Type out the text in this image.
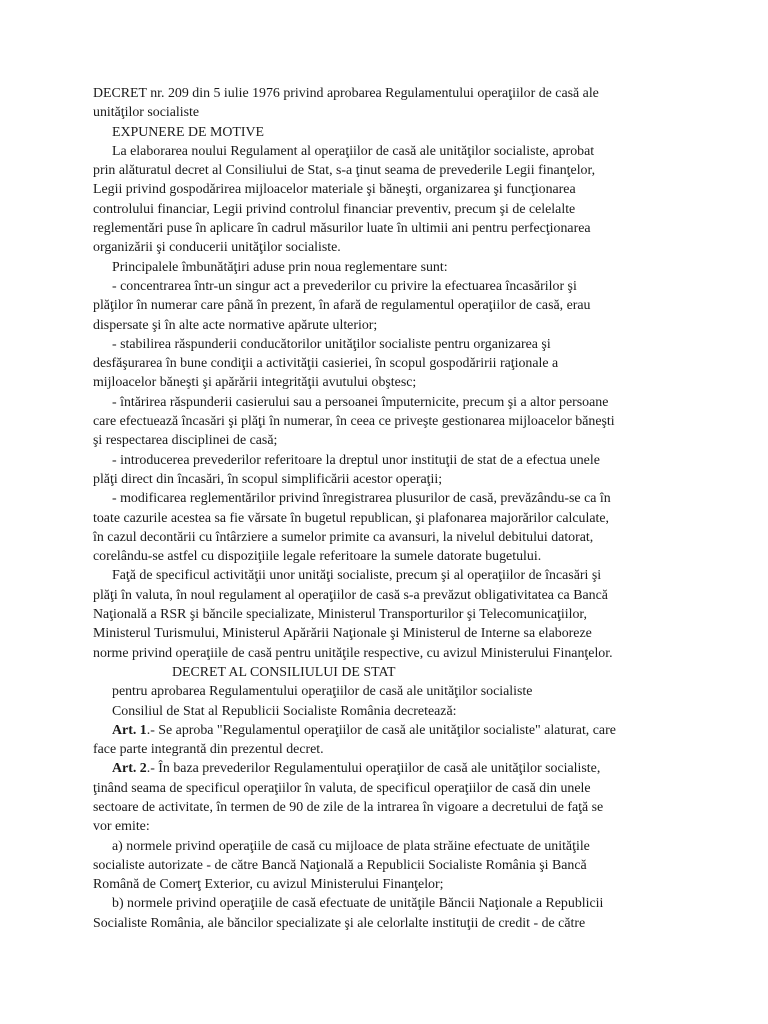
DECRET nr. 209 din 5 iulie 1976 privind aprobarea Regulamentului operaţiilor de casă ale
unităţilor socialiste

EXPUNERE DE MOTIVE

La elaborarea noului Regulament al operaţiilor de casă ale unităţilor socialiste, aprobat
prin alăturatul decret al Consiliului de Stat, s-a ţinut seama de prevederile Legii finanţelor,
Legii privind gospodărirea mijloacelor materiale şi băneşti, organizarea şi funcţionarea
controlului financiar, Legii privind controlul financiar preventiv, precum şi de celelalte
reglementări puse în aplicare în cadrul măsurilor luate în ultimii ani pentru perfecţionarea
organizării şi conducerii unităţilor socialiste.

Principalele îmbunătăţiri aduse prin noua reglementare sunt:

- concentrarea într-un singur act a prevederilor cu privire la efectuarea încasărilor şi
plăţilor în numerar care până în prezent, în afară de regulamentul operaţiilor de casă, erau
dispersate şi în alte acte normative apărute ulterior;

- stabilirea răspunderii conducătorilor unităţilor socialiste pentru organizarea şi
desfăşurarea în bune condiţii a activităţii casieriei, în scopul gospodăririi raţionale a
mijloacelor băneşti şi apărării integrităţii avutului obştesc;

- întărirea răspunderii casierului sau a persoanei împuternicite, precum şi a altor persoane
care efectuează încasări şi plăţi în numerar, în ceea ce priveşte gestionarea mijloacelor băneşti
şi respectarea disciplinei de casă;

- introducerea prevederilor referitoare la dreptul unor instituţii de stat de a efectua unele
plăţi direct din încasări, în scopul simplificării acestor operaţii;

- modificarea reglementărilor privind înregistrarea plusurilor de casă, prevăzându-se ca în
toate cazurile acestea sa fie vărsate în bugetul republican, şi plafonarea majorărilor calculate,
în cazul decontării cu întârziere a sumelor primite ca avansuri, la nivelul debitului datorat,
corelându-se astfel cu dispoziţiile legale referitoare la sumele datorate bugetului.

Faţă de specificul activităţii unor unităţi socialiste, precum şi al operaţiilor de încasări şi
plăţi în valuta, în noul regulament al operaţiilor de casă s-a prevăzut obligativitatea ca Bancă
Naţională a RSR şi băncile specializate, Ministerul Transporturilor şi Telecomunicaţiilor,
Ministerul Turismului, Ministerul Apărării Naţionale şi Ministerul de Interne sa elaboreze
norme privind operaţiile de casă pentru unităţile respective, cu avizul Ministerului Finanţelor.

DECRET AL CONSILIULUI DE STAT

pentru aprobarea Regulamentului operaţiilor de casă ale unităţilor socialiste

Consiliul de Stat al Republicii Socialiste România decretează:

Art. 1.- Se aproba "Regulamentul operaţiilor de casă ale unităţilor socialiste" alaturat, care
face parte integrantă din prezentul decret.

Art. 2.- În baza prevederilor Regulamentului operaţiilor de casă ale unităţilor socialiste,
ţinând seama de specificul operaţiilor în valuta, de specificul operaţiilor de casă din unele
sectoare de activitate, în termen de 90 de zile de la intrarea în vigoare a decretului de faţă se
vor emite:

a) normele privind operaţiile de casă cu mijloace de plata străine efectuate de unităţile
socialiste autorizate - de către Bancă Naţională a Republicii Socialiste România şi Bancă
Română de Comerţ Exterior, cu avizul Ministerului Finanţelor;

b) normele privind operaţiile de casă efectuate de unităţile Băncii Naţionale a Republicii
Socialiste România, ale băncilor specializate şi ale celorlalte instituţii de credit - de către
